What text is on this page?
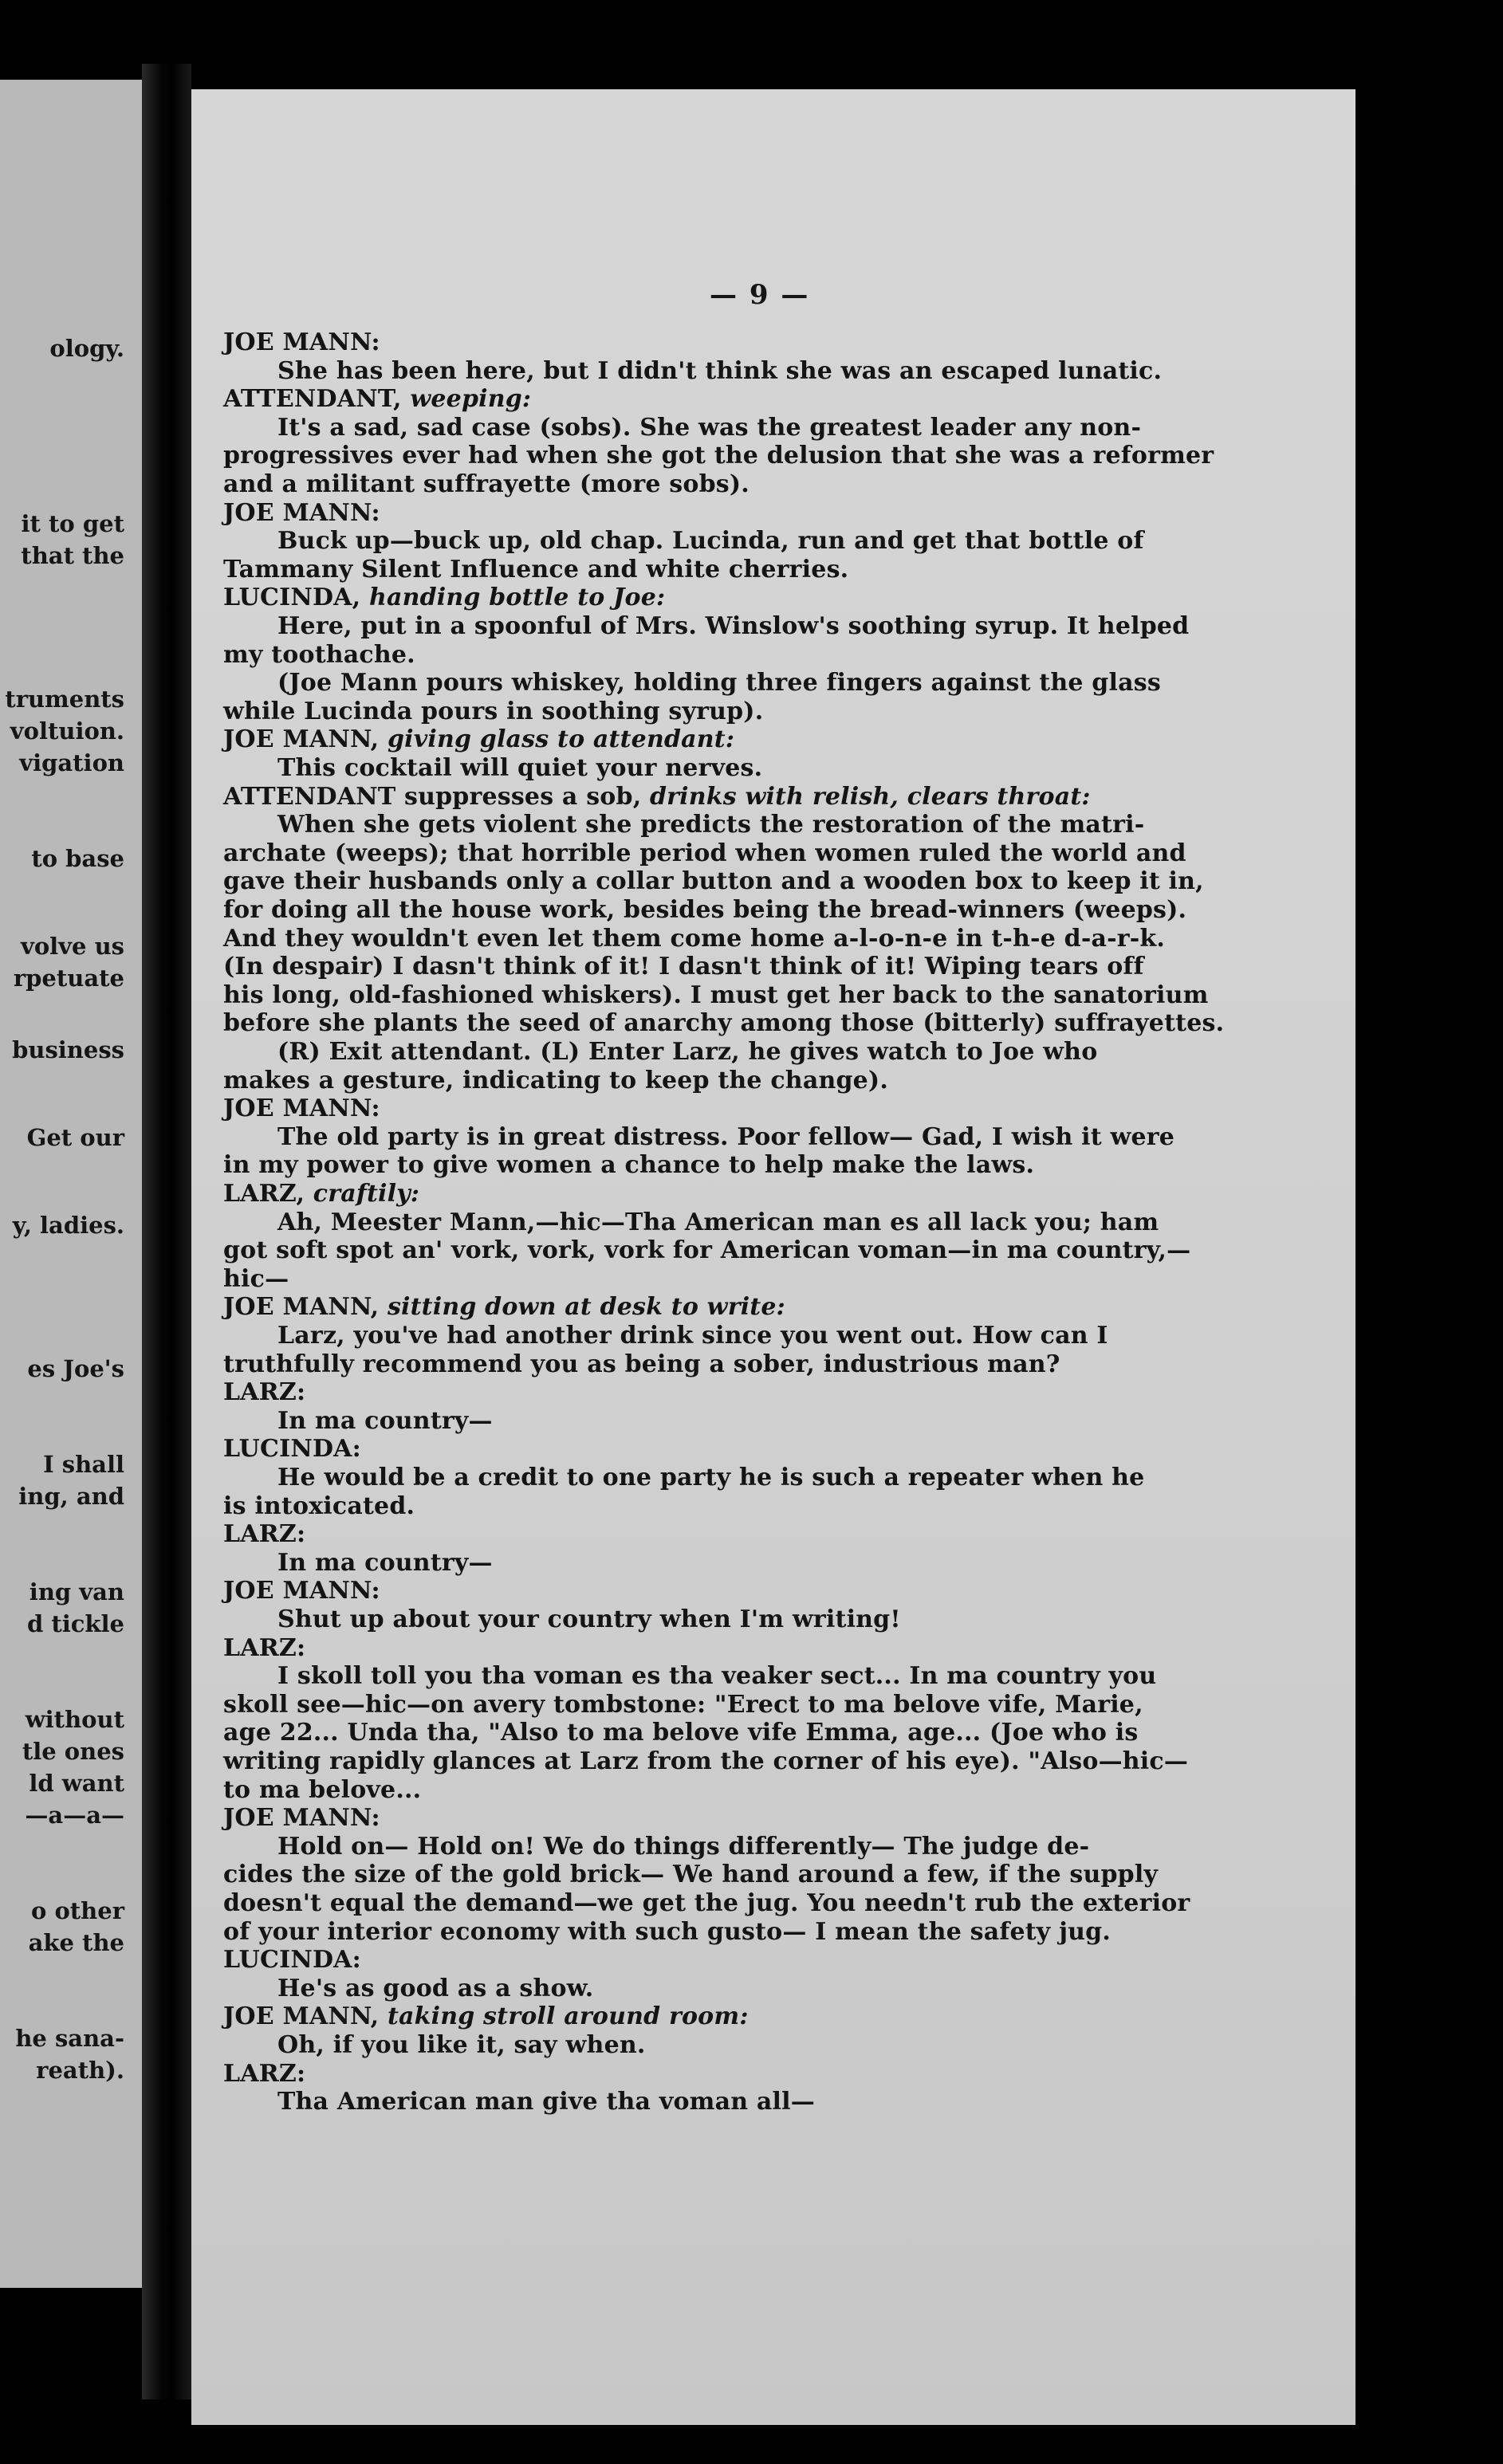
ology.
it to get
that the
truments
voltuion.
vigation
to base
volve us
rpetuate
business
Get our
y, ladies.
es Joe's
I shall
ing, and
ing van
d tickle
without
tle ones
ld want
—a—a—
o other
ake the
he sana-
reath).
— 9 —
JOE MANN:
She has been here, but I didn't think she was an escaped lunatic.
ATTENDANT, weeping:
It's a sad, sad case (sobs). She was the greatest leader any non-
progressives ever had when she got the delusion that she was a reformer
and a militant suffrayette (more sobs).
JOE MANN:
Buck up—buck up, old chap. Lucinda, run and get that bottle of
Tammany Silent Influence and white cherries.
LUCINDA, handing bottle to Joe:
Here, put in a spoonful of Mrs. Winslow's soothing syrup. It helped
my toothache.
(Joe Mann pours whiskey, holding three fingers against the glass
while Lucinda pours in soothing syrup).
JOE MANN, giving glass to attendant:
This cocktail will quiet your nerves.
ATTENDANT suppresses a sob, drinks with relish, clears throat:
When she gets violent she predicts the restoration of the matri-
archate (weeps); that horrible period when women ruled the world and
gave their husbands only a collar button and a wooden box to keep it in,
for doing all the house work, besides being the bread-winners (weeps).
And they wouldn't even let them come home a-l-o-n-e in t-h-e d-a-r-k.
(In despair) I dasn't think of it! I dasn't think of it! Wiping tears off
his long, old-fashioned whiskers). I must get her back to the sanatorium
before she plants the seed of anarchy among those (bitterly) suffrayettes.
(R) Exit attendant. (L) Enter Larz, he gives watch to Joe who
makes a gesture, indicating to keep the change).
JOE MANN:
The old party is in great distress. Poor fellow— Gad, I wish it were
in my power to give women a chance to help make the laws.
LARZ, craftily:
Ah, Meester Mann,—hic—Tha American man es all lack you; ham
got soft spot an' vork, vork, vork for American voman—in ma country,—
hic—
JOE MANN, sitting down at desk to write:
Larz, you've had another drink since you went out. How can I
truthfully recommend you as being a sober, industrious man?
LARZ:
In ma country—
LUCINDA:
He would be a credit to one party he is such a repeater when he
is intoxicated.
LARZ:
In ma country—
JOE MANN:
Shut up about your country when I'm writing!
LARZ:
I skoll toll you tha voman es tha veaker sect... In ma country you
skoll see—hic—on avery tombstone: "Erect to ma belove vife, Marie,
age 22... Unda tha, "Also to ma belove vife Emma, age... (Joe who is
writing rapidly glances at Larz from the corner of his eye). "Also—hic—
to ma belove...
JOE MANN:
Hold on— Hold on! We do things differently— The judge de-
cides the size of the gold brick— We hand around a few, if the supply
doesn't equal the demand—we get the jug. You needn't rub the exterior
of your interior economy with such gusto— I mean the safety jug.
LUCINDA:
He's as good as a show.
JOE MANN, taking stroll around room:
Oh, if you like it, say when.
LARZ:
Tha American man give tha voman all—
